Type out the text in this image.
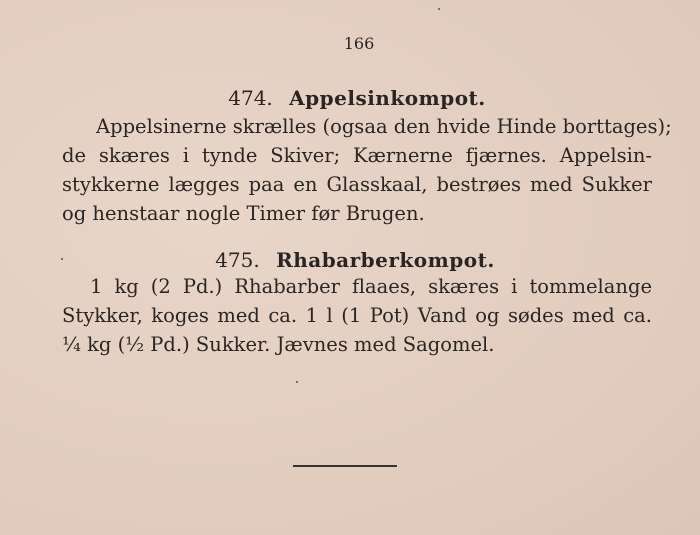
166
474. Appelsinkompot.
Appelsinerne skrælles (ogsaa den hvide Hinde borttages);
de skæres i tynde Skiver; Kærnerne fjærnes. Appelsin-
stykkerne lægges paa en Glasskaal, bestrøes med Sukker
og henstaar nogle Timer før Brugen.
475. Rhabarberkompot.
1 kg (2 Pd.) Rhabarber flaaes, skæres i tommelange
Stykker, koges med ca. 1 l (1 Pot) Vand og sødes med ca.
¼ kg (½ Pd.) Sukker. Jævnes med Sagomel.
